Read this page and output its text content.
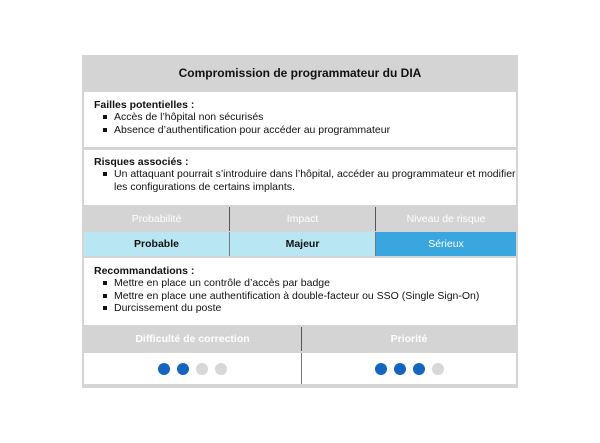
Compromission de programmateur du DIA
Failles potentielles :
Accès de l’hôpital non sécurisés
Absence d’authentification pour accéder au programmateur
Risques associés :
Un attaquant pourrait s’introduire dans l’hôpital, accéder au programmateur et modifier les configurations de certains implants.
Probabilité	Impact	Niveau de risque
Probable	Majeur	Sérieux
Recommandations :
Mettre en place un contrôle d’accès par badge
Mettre en place une authentification à double-facteur ou SSO (Single Sign-On)
Durcissement du poste
Difficulté de correction	Priorité
